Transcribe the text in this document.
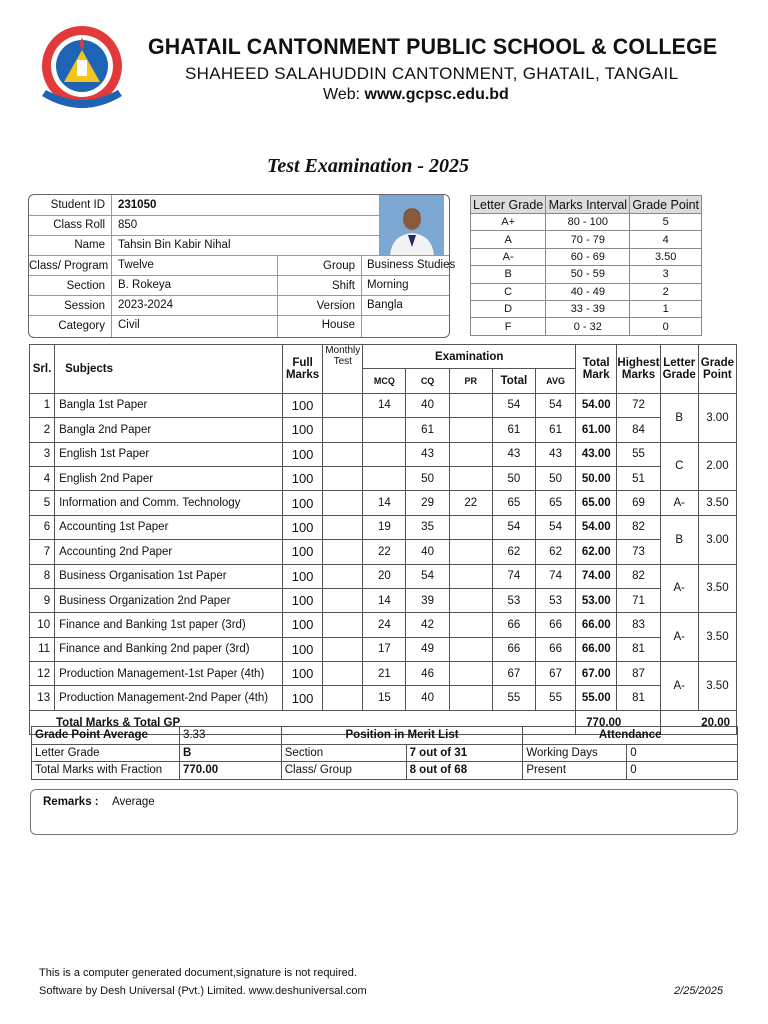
GHATAIL CANTONMENT PUBLIC SCHOOL & COLLEGE
SHAHEED SALAHUDDIN CANTONMENT, GHATAIL, TANGAIL
Web: www.gcpsc.edu.bd
Test Examination - 2025
Student ID 231050
Class Roll 850
Name Tahsin Bin Kabir Nihal
Class/ Program Twelve	Group Business Studies
Section B. Rokeya	Shift Morning
Session 2023-2024	Version Bangla
Category Civil	House
Letter Grade	Marks Interval	Grade Point
A+	80 - 100	5
A	70 - 79	4
A-	60 - 69	3.50
B	50 - 59	3
C	40 - 49	2
D	33 - 39	1
F	0 - 32	0
Srl.	Subjects	Full Marks	Monthly Test	Examination					Total Mark	Highest Marks	Letter Grade	Grade Point
				MCQ	CQ	PR	Total	AVG				
1	Bangla 1st Paper	100		14	40		54	54	54.00	72	B	3.00
2	Bangla 2nd Paper	100			61		61	61	61.00	84		
3	English 1st Paper	100			43		43	43	43.00	55	C	2.00
4	English 2nd Paper	100			50		50	50	50.00	51		
5	Information and Comm. Technology	100		14	29	22	65	65	65.00	69	A-	3.50
6	Accounting 1st Paper	100		19	35		54	54	54.00	82	B	3.00
7	Accounting 2nd Paper	100		22	40		62	62	62.00	73		
8	Business Organisation 1st Paper	100		20	54		74	74	74.00	82	A-	3.50
9	Business Organization 2nd Paper	100		14	39		53	53	53.00	71		
10	Finance and Banking 1st paper (3rd)	100		24	42		66	66	66.00	83	A-	3.50
11	Finance and Banking 2nd paper (3rd)	100		17	49		66	66	66.00	81		
12	Production Management-1st Paper (4th)	100		21	46		67	67	67.00	87	A-	3.50
13	Production Management-2nd Paper (4th)	100		15	40		55	55	55.00	81		
Total Marks & Total GP									770.00		20.00	
Grade Point Average	3.33	Position in Merit List		Attendance	
Letter Grade	B	Section	7 out of 31	Working Days	0
Total Marks with Fraction	770.00	Class/ Group	8 out of 68	Present	0
Remarks : Average
This is a computer generated document,signature is not required.
Software by Desh Universal (Pvt.) Limited. www.deshuniversal.com	2/25/2025
